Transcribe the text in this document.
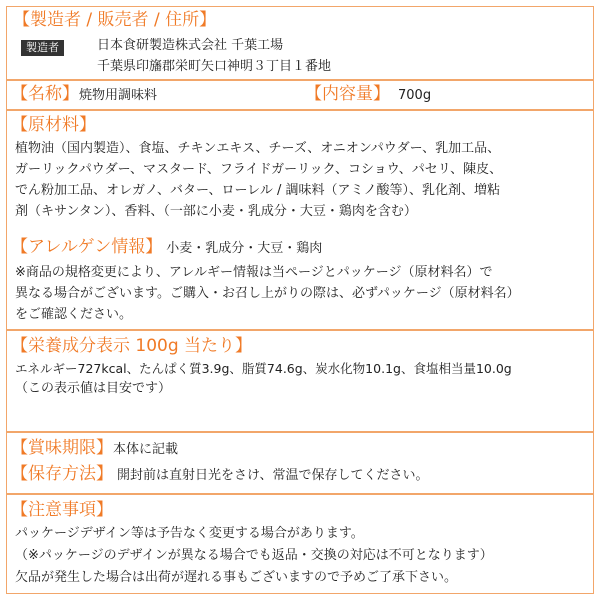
【製造者 / 販売者 / 住所】
製造者	日本食研製造株式会社 千葉工場
千葉県印旛郡栄町矢口神明３丁目１番地
【名称】焼物用調味料	【内容量】 700g
【原材料】
植物油（国内製造）、食塩、チキンエキス、チーズ、オニオンパウダー、乳加工品、
ガーリックパウダー、マスタード、フライドガーリック、コショウ、パセリ、陳皮、
でん粉加工品、オレガノ、バター、ローレル / 調味料（アミノ酸等）、乳化剤、増粘
剤（キサンタン）、香料、（一部に小麦・乳成分・大豆・鶏肉を含む）
【アレルゲン情報】 小麦・乳成分・大豆・鶏肉
※商品の規格変更により、アレルギー情報は当ページとパッケージ（原材料名）で
異なる場合がございます。ご購入・お召し上がりの際は、必ずパッケージ（原材料名）
をご確認ください。
【栄養成分表示 100g 当たり】
エネルギー727kcal、たんぱく質3.9g、脂質74.6g、炭水化物10.1g、食塩相当量10.0g
（この表示値は目安です）
【賞味期限】本体に記載
【保存方法】 開封前は直射日光をさけ、常温で保存してください。
【注意事項】
パッケージデザイン等は予告なく変更する場合があります。
（※パッケージのデザインが異なる場合でも返品・交換の対応は不可となります）
欠品が発生した場合は出荷が遅れる事もございますので予めご了承下さい。
